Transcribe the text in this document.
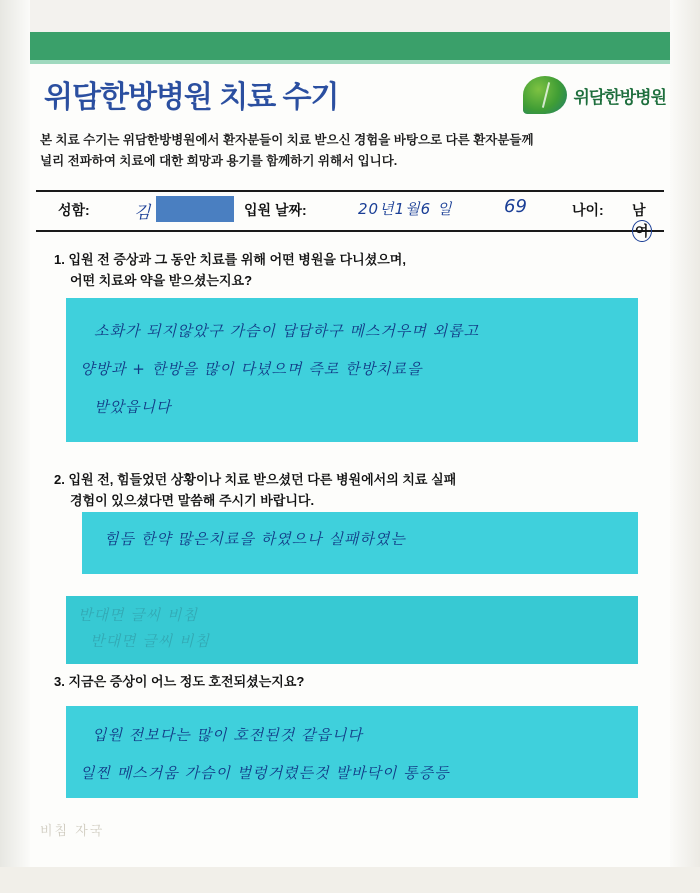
위담한방병원 치료 수기	위담한방병원
본 치료 수기는 위담한방병원에서 환자분들이 치료 받으신 경험을 바탕으로 다른 환자분들께
널리 전파하여 치료에 대한 희망과 용기를 함께하기 위해서 입니다.
성함:	김	입원 날짜:	20년1월6 일	69	나이: 남여
1. 입원 전 증상과 그 동안 치료를 위해 어떤 병원을 다니셨으며,
어떤 치료와 약을 받으셨는지요?
소화가 되지않았구 가슴이 답답하구 메스거우며 외롭고
양방과 + 한방을 많이 다녔으며 즉로 한방치료을
받았읍니다
2. 입원 전, 힘들었던 상황이나 치료 받으셨던 다른 병원에서의 치료 실패
경험이 있으셨다면 말씀해 주시기 바랍니다.
힘듬 한약 많은치료을 하였으나 실패하였는
반대면 글씨 비침
반대면 글씨 비침
3. 지금은 증상이 어느 정도 호전되셨는지요?
입원 전보다는 많이 호전된것 같읍니다
일찐 메스거움 가슴이 벌렁거렸든것 발바닥이 통증등
비침 자국
